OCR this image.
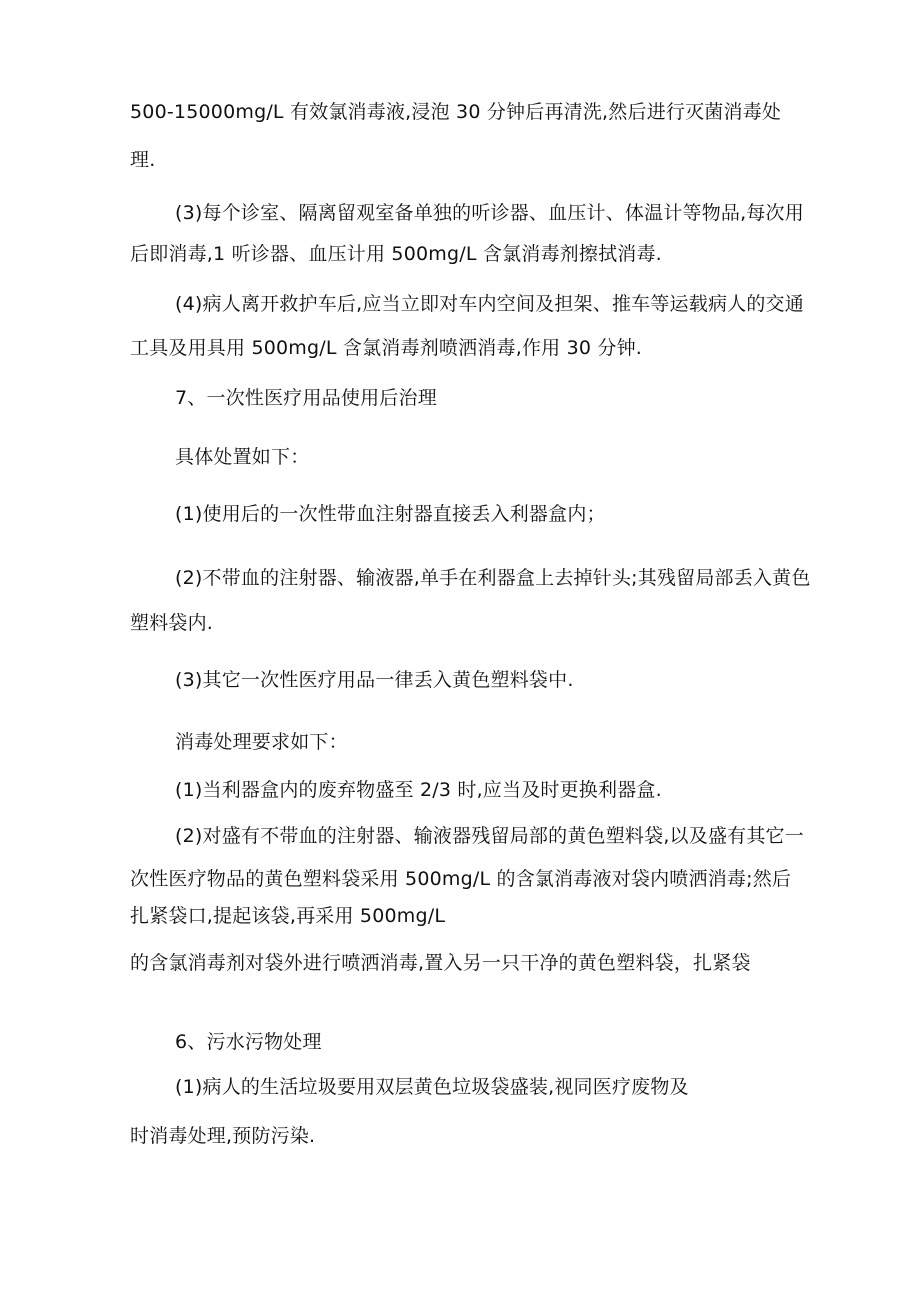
500-15000mg/L 有效氯消毒液,浸泡 30 分钟后再清洗,然后进行灭菌消毒处
理.
(3)每个诊室、隔离留观室备单独的听诊器、血压计、体温计等物品,每次用
后即消毒,1 听诊器、血压计用 500mg/L 含氯消毒剂擦拭消毒.
(4)病人离开救护车后,应当立即对车内空间及担架、推车等运载病人的交通
工具及用具用 500mg/L 含氯消毒剂喷洒消毒,作用 30 分钟.
7、一次性医疗用品使用后治理
具体处置如下：
(1)使用后的一次性带血注射器直接丢入利器盒内；
(2)不带血的注射器、输液器,单手在利器盒上去掉针头;其残留局部丢入黄色
塑料袋内.
(3)其它一次性医疗用品一律丢入黄色塑料袋中.
消毒处理要求如下：
(1)当利器盒内的废弃物盛至 2/3 时,应当及时更换利器盒.
(2)对盛有不带血的注射器、输液器残留局部的黄色塑料袋,以及盛有其它一
次性医疗物品的黄色塑料袋采用 500mg/L 的含氯消毒液对袋内喷洒消毒;然后
扎紧袋口,提起该袋,再采用 500mg/L
的含氯消毒剂对袋外进行喷洒消毒,置入另一只干净的黄色塑料袋，扎紧袋
6、污水污物处理
(1)病人的生活垃圾要用双层黄色垃圾袋盛装,视同医疗废物及
时消毒处理,预防污染.
